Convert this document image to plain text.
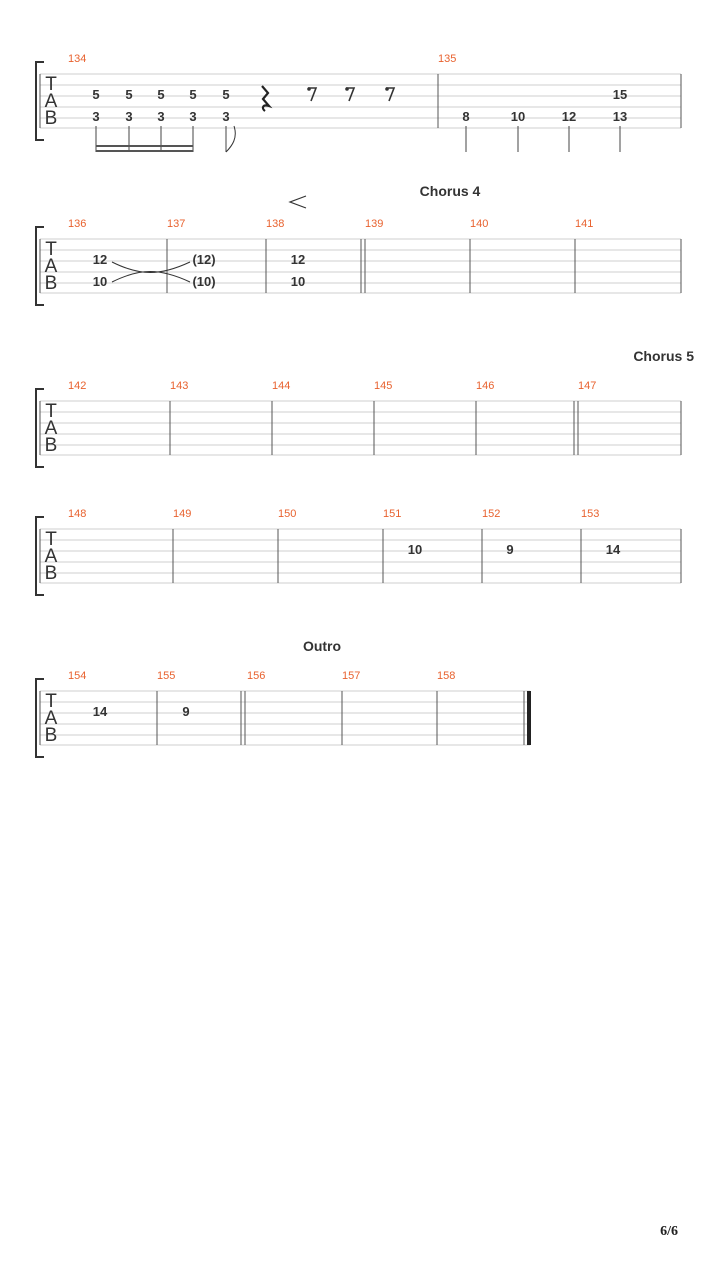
T
A
B
134	135
5 5 5 5 5
3 3 3 3 3
15
8	10	12	13
Chorus 4
T
A
B
136	137	138	139	140	141
12
10
(12)
(10)
12
10
Chorus 5
T
A
B
142	143	144	145	146	147
T
A
B
148	149	150	151	152	153
10	9	14
Outro
T
A
B
154	155	156	157	158
14	9
6/6
